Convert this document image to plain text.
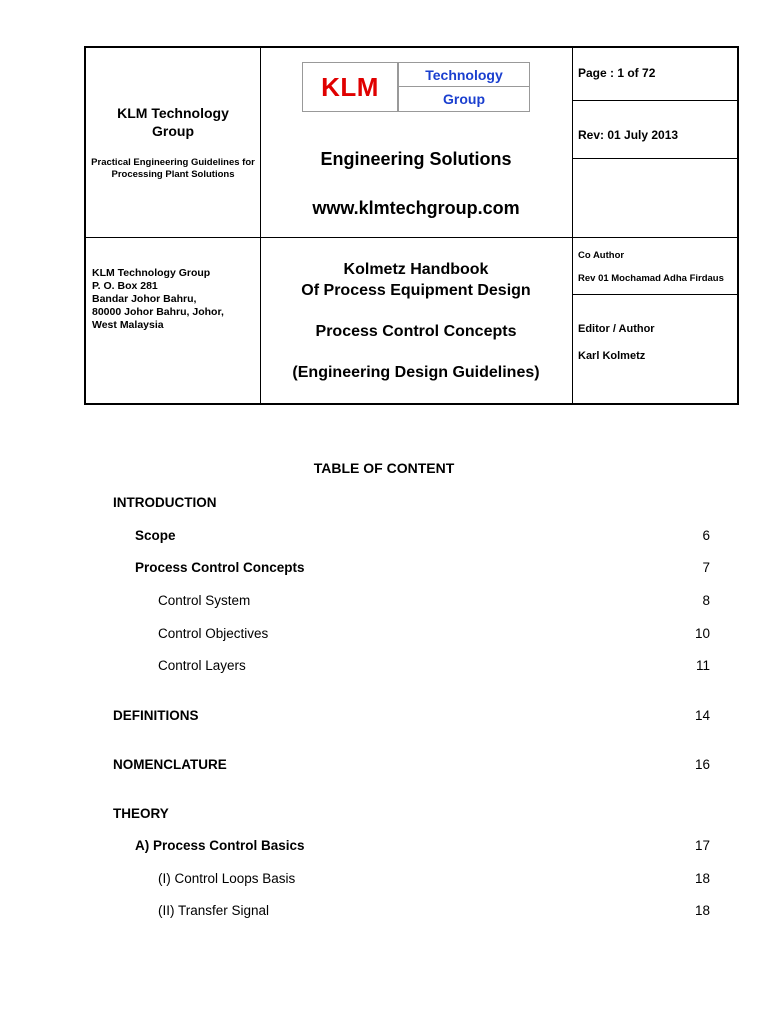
KLM Technology Group
Practical Engineering Guidelines for Processing Plant Solutions
KLM	Technology
Group
Engineering Solutions
www.klmtechgroup.com
Page : 1 of 72
Rev: 01 July 2013
KLM Technology Group
P. O. Box 281
Bandar Johor Bahru,
80000 Johor Bahru, Johor,
West Malaysia
Kolmetz Handbook
Of Process Equipment Design
Process Control Concepts
(Engineering Design Guidelines)
Co Author
Rev 01 Mochamad Adha Firdaus
Editor / Author
Karl Kolmetz
TABLE OF CONTENT
INTRODUCTION
Scope	6
Process Control Concepts	7
Control System	8
Control Objectives	10
Control Layers	11
DEFINITIONS	14
NOMENCLATURE	16
THEORY
A) Process Control Basics	17
(I) Control Loops Basis	18
(II) Transfer Signal	18
